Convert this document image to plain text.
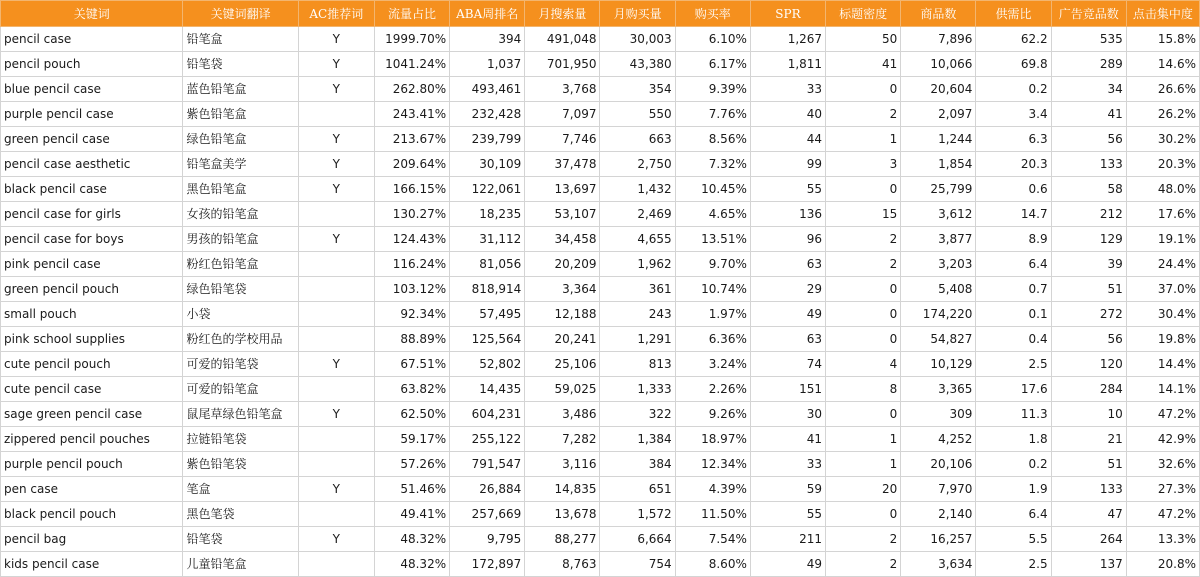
关键词	关键词翻译	AC推荐词	流量占比	ABA周排名	月搜索量	月购买量	购买率	SPR	标题密度	商品数	供需比	广告竞品数	点击集中度
pencil case	铅笔盒	Y	1999.70%	394	491,048	30,003	6.10%	1,267	50	7,896	62.2	535	15.8%
pencil pouch	铅笔袋	Y	1041.24%	1,037	701,950	43,380	6.17%	1,811	41	10,066	69.8	289	14.6%
blue pencil case	蓝色铅笔盒	Y	262.80%	493,461	3,768	354	9.39%	33	0	20,604	0.2	34	26.6%
purple pencil case	紫色铅笔盒		243.41%	232,428	7,097	550	7.76%	40	2	2,097	3.4	41	26.2%
green pencil case	绿色铅笔盒	Y	213.67%	239,799	7,746	663	8.56%	44	1	1,244	6.3	56	30.2%
pencil case aesthetic	铅笔盒美学	Y	209.64%	30,109	37,478	2,750	7.32%	99	3	1,854	20.3	133	20.3%
black pencil case	黑色铅笔盒	Y	166.15%	122,061	13,697	1,432	10.45%	55	0	25,799	0.6	58	48.0%
pencil case for girls	女孩的铅笔盒		130.27%	18,235	53,107	2,469	4.65%	136	15	3,612	14.7	212	17.6%
pencil case for boys	男孩的铅笔盒	Y	124.43%	31,112	34,458	4,655	13.51%	96	2	3,877	8.9	129	19.1%
pink pencil case	粉红色铅笔盒		116.24%	81,056	20,209	1,962	9.70%	63	2	3,203	6.4	39	24.4%
green pencil pouch	绿色铅笔袋		103.12%	818,914	3,364	361	10.74%	29	0	5,408	0.7	51	37.0%
small pouch	小袋		92.34%	57,495	12,188	243	1.97%	49	0	174,220	0.1	272	30.4%
pink school supplies	粉红色的学校用品		88.89%	125,564	20,241	1,291	6.36%	63	0	54,827	0.4	56	19.8%
cute pencil pouch	可爱的铅笔袋	Y	67.51%	52,802	25,106	813	3.24%	74	4	10,129	2.5	120	14.4%
cute pencil case	可爱的铅笔盒		63.82%	14,435	59,025	1,333	2.26%	151	8	3,365	17.6	284	14.1%
sage green pencil case	鼠尾草绿色铅笔盒	Y	62.50%	604,231	3,486	322	9.26%	30	0	309	11.3	10	47.2%
zippered pencil pouches	拉链铅笔袋		59.17%	255,122	7,282	1,384	18.97%	41	1	4,252	1.8	21	42.9%
purple pencil pouch	紫色铅笔袋		57.26%	791,547	3,116	384	12.34%	33	1	20,106	0.2	51	32.6%
pen case	笔盒	Y	51.46%	26,884	14,835	651	4.39%	59	20	7,970	1.9	133	27.3%
black pencil pouch	黑色笔袋		49.41%	257,669	13,678	1,572	11.50%	55	0	2,140	6.4	47	47.2%
pencil bag	铅笔袋	Y	48.32%	9,795	88,277	6,664	7.54%	211	2	16,257	5.5	264	13.3%
kids pencil case	儿童铅笔盒		48.32%	172,897	8,763	754	8.60%	49	2	3,634	2.5	137	20.8%
